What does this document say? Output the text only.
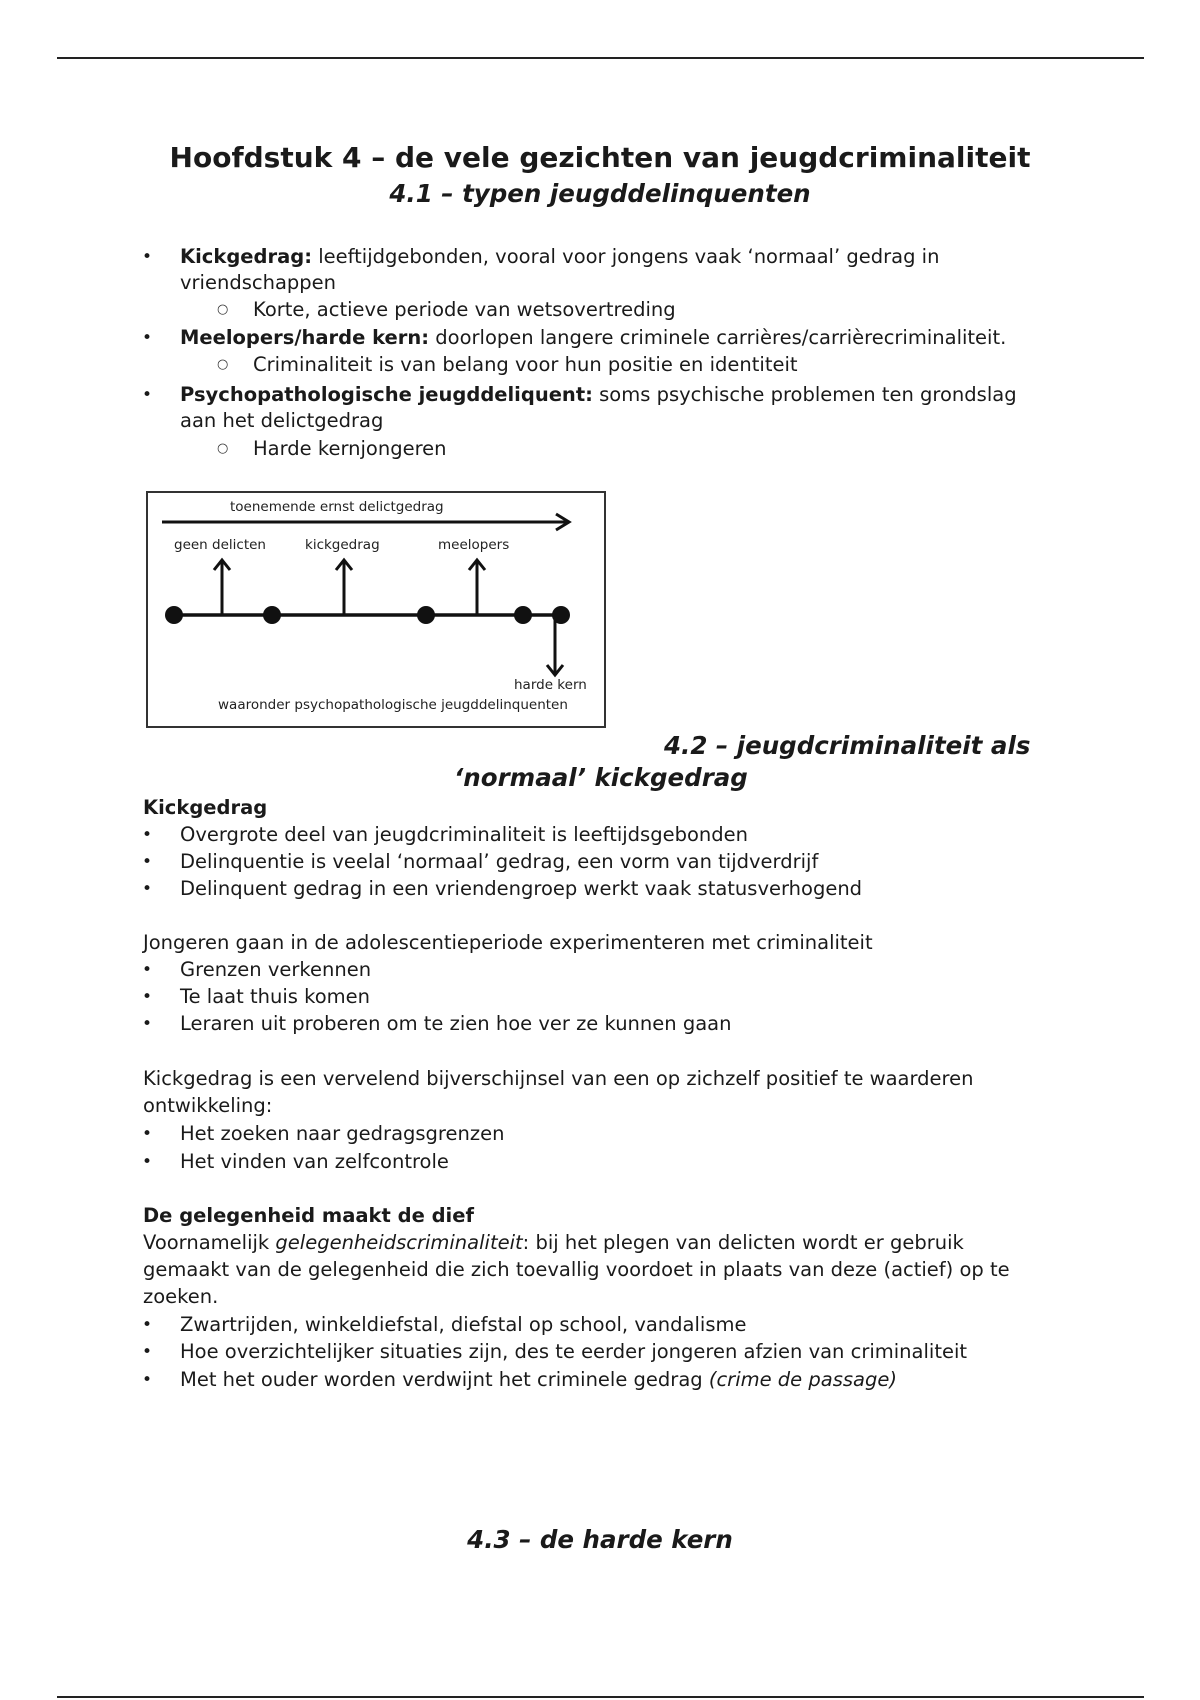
Hoofdstuk 4 – de vele gezichten van jeugdcriminaliteit
4.1 – typen jeugddelinquenten
• Kickgedrag: leeftijdgebonden, vooral voor jongens vaak ‘normaal’ gedrag in
vriendschappen
○ Korte, actieve periode van wetsovertreding
• Meelopers/harde kern: doorlopen langere criminele carrières/carrièrecriminaliteit.
○ Criminaliteit is van belang voor hun positie en identiteit
• Psychopathologische jeugddeliquent: soms psychische problemen ten grondslag
aan het delictgedrag
○ Harde kernjongeren
toenemende ernst delictgedrag
geen delicten	kickgedrag	meelopers
harde kern
waaronder psychopathologische jeugddelinquenten
4.2 – jeugdcriminaliteit als
‘normaal’ kickgedrag
Kickgedrag
• Overgrote deel van jeugdcriminaliteit is leeftijdsgebonden
• Delinquentie is veelal ‘normaal’ gedrag, een vorm van tijdverdrijf
• Delinquent gedrag in een vriendengroep werkt vaak statusverhogend
Jongeren gaan in de adolescentieperiode experimenteren met criminaliteit
• Grenzen verkennen
• Te laat thuis komen
• Leraren uit proberen om te zien hoe ver ze kunnen gaan
Kickgedrag is een vervelend bijverschijnsel van een op zichzelf positief te waarderen
ontwikkeling:
• Het zoeken naar gedragsgrenzen
• Het vinden van zelfcontrole
De gelegenheid maakt de dief
Voornamelijk gelegenheidscriminaliteit: bij het plegen van delicten wordt er gebruik
gemaakt van de gelegenheid die zich toevallig voordoet in plaats van deze (actief) op te
zoeken.
• Zwartrijden, winkeldiefstal, diefstal op school, vandalisme
• Hoe overzichtelijker situaties zijn, des te eerder jongeren afzien van criminaliteit
• Met het ouder worden verdwijnt het criminele gedrag (crime de passage)
4.3 – de harde kern
